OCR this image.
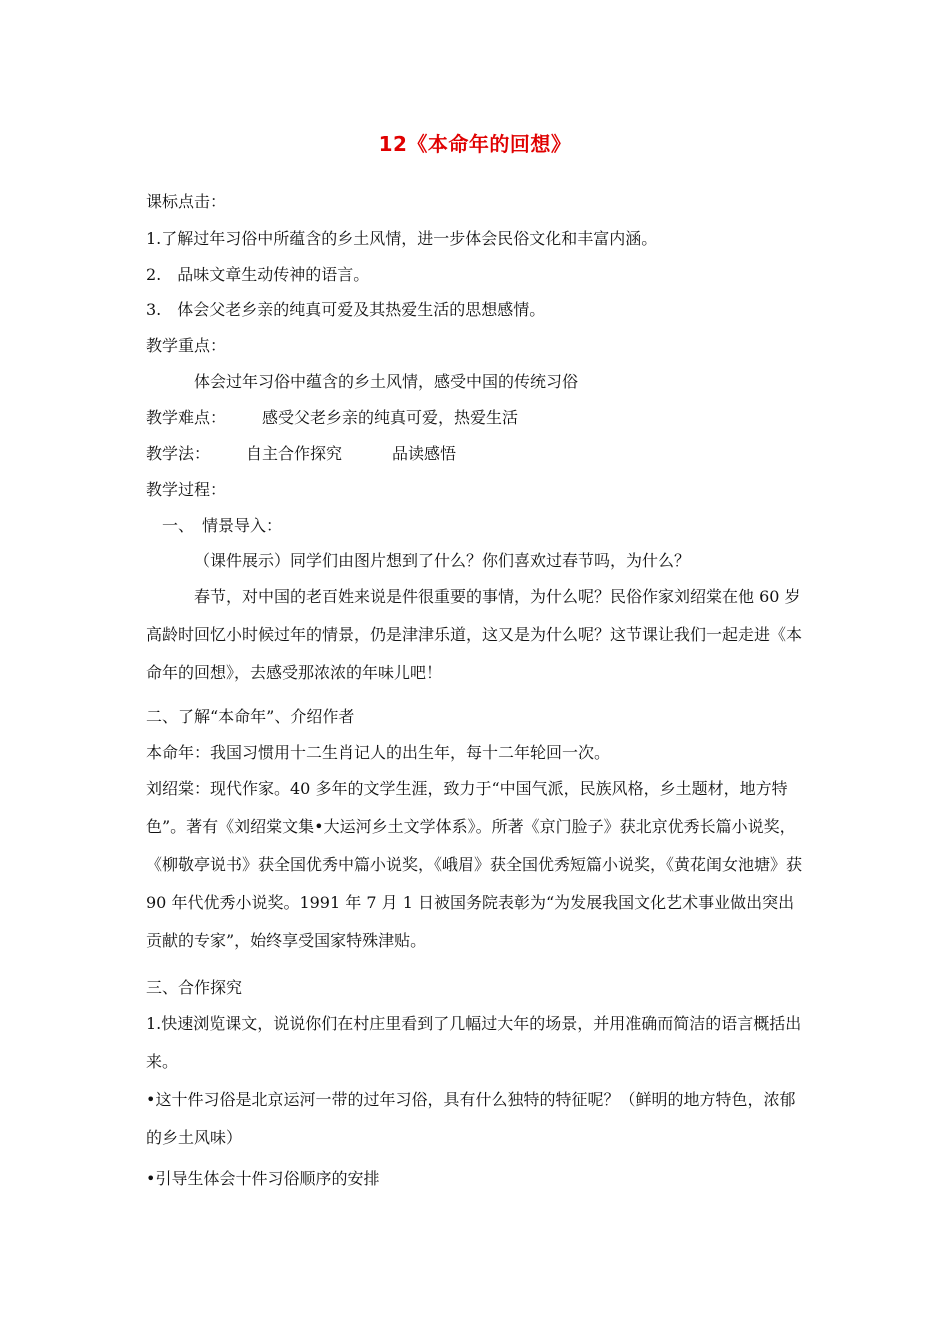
12《本命年的回想》
课标点击：
1.了解过年习俗中所蕴含的乡土风情，进一步体会民俗文化和丰富内涵。
2.　品味文章生动传神的语言。
3.　体会父老乡亲的纯真可爱及其热爱生活的思想感情。
教学重点：
体会过年习俗中蕴含的乡土风情，感受中国的传统习俗
教学难点： 感受父老乡亲的纯真可爱，热爱生活
教学法： 自主合作探究	品读感悟
教学过程：
一、　情景导入：
（课件展示）同学们由图片想到了什么？你们喜欢过春节吗，为什么？
　　　春节，对中国的老百姓来说是件很重要的事情，为什么呢？民俗作家刘绍棠在他 60 岁高龄时回忆小时候过年的情景，仍是津津乐道，这又是为什么呢？这节课让我们一起走进《本命年的回想》，去感受那浓浓的年味儿吧！
二、了解“本命年”、介绍作者
本命年：我国习惯用十二生肖记人的出生年，每十二年轮回一次。
刘绍棠：现代作家。40 多年的文学生涯，致力于“中国气派，民族风格，乡土题材，地方特色”。著有《刘绍棠文集•大运河乡土文学体系》。所著《京门脸子》获北京优秀长篇小说奖，《柳敬亭说书》获全国优秀中篇小说奖，《峨眉》获全国优秀短篇小说奖，《黄花闺女池塘》获 90 年代优秀小说奖。1991 年 7 月 1 日被国务院表彰为“为发展我国文化艺术事业做出突出贡献的专家”，始终享受国家特殊津贴。
三、合作探究
1.快速浏览课文，说说你们在村庄里看到了几幅过大年的场景，并用准确而简洁的语言概括出来。
•这十件习俗是北京运河一带的过年习俗，具有什么独特的特征呢？（鲜明的地方特色，浓郁的乡土风味）
•引导生体会十件习俗顺序的安排
